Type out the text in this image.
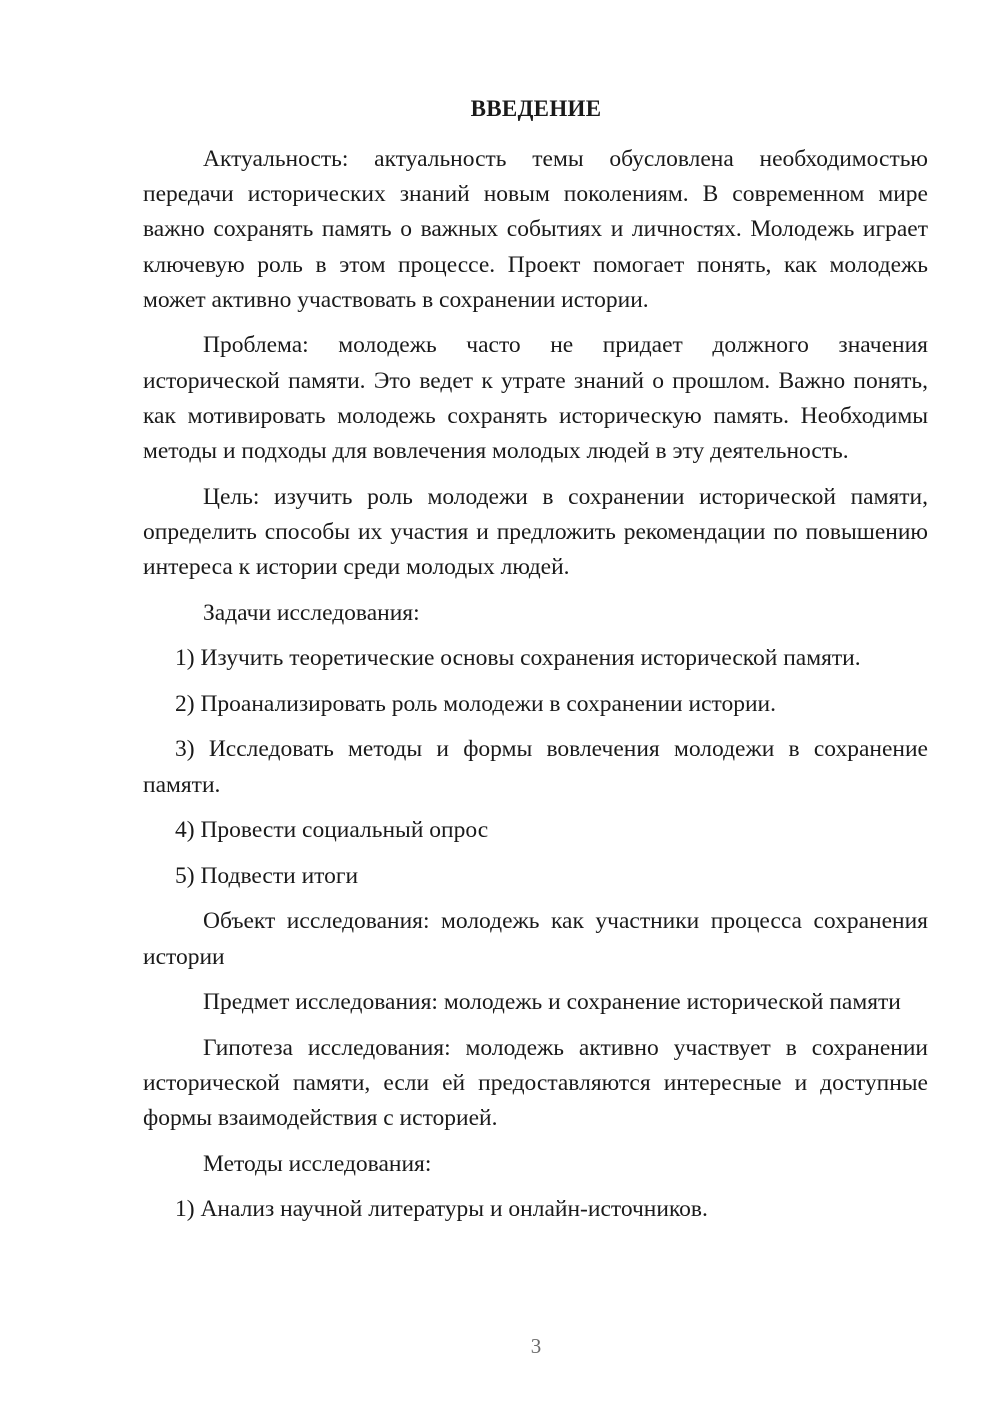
ВВЕДЕНИЕ

Актуальность: актуальность темы обусловлена необходимостью передачи исторических знаний новым поколениям. В современном мире важно сохранять память о важных событиях и личностях. Молодежь играет ключевую роль в этом процессе. Проект помогает понять, как молодежь может активно участвовать в сохранении истории.

Проблема: молодежь часто не придает должного значения исторической памяти. Это ведет к утрате знаний о прошлом. Важно понять, как мотивировать молодежь сохранять историческую память. Необходимы методы и подходы для вовлечения молодых людей в эту деятельность.

Цель: изучить роль молодежи в сохранении исторической памяти, определить способы их участия и предложить рекомендации по повышению интереса к истории среди молодых людей.

Задачи исследования:

1) Изучить теоретические основы сохранения исторической памяти.

2) Проанализировать роль молодежи в сохранении истории.

3) Исследовать методы и формы вовлечения молодежи в сохранение памяти.

4) Провести социальный опрос

5) Подвести итоги

Объект исследования: молодежь как участники процесса сохранения истории

Предмет исследования: молодежь и сохранение исторической памяти

Гипотеза исследования: молодежь активно участвует в сохранении исторической памяти, если ей предоставляются интересные и доступные формы взаимодействия с историей.

Методы исследования:

1) Анализ научной литературы и онлайн-источников.

3
